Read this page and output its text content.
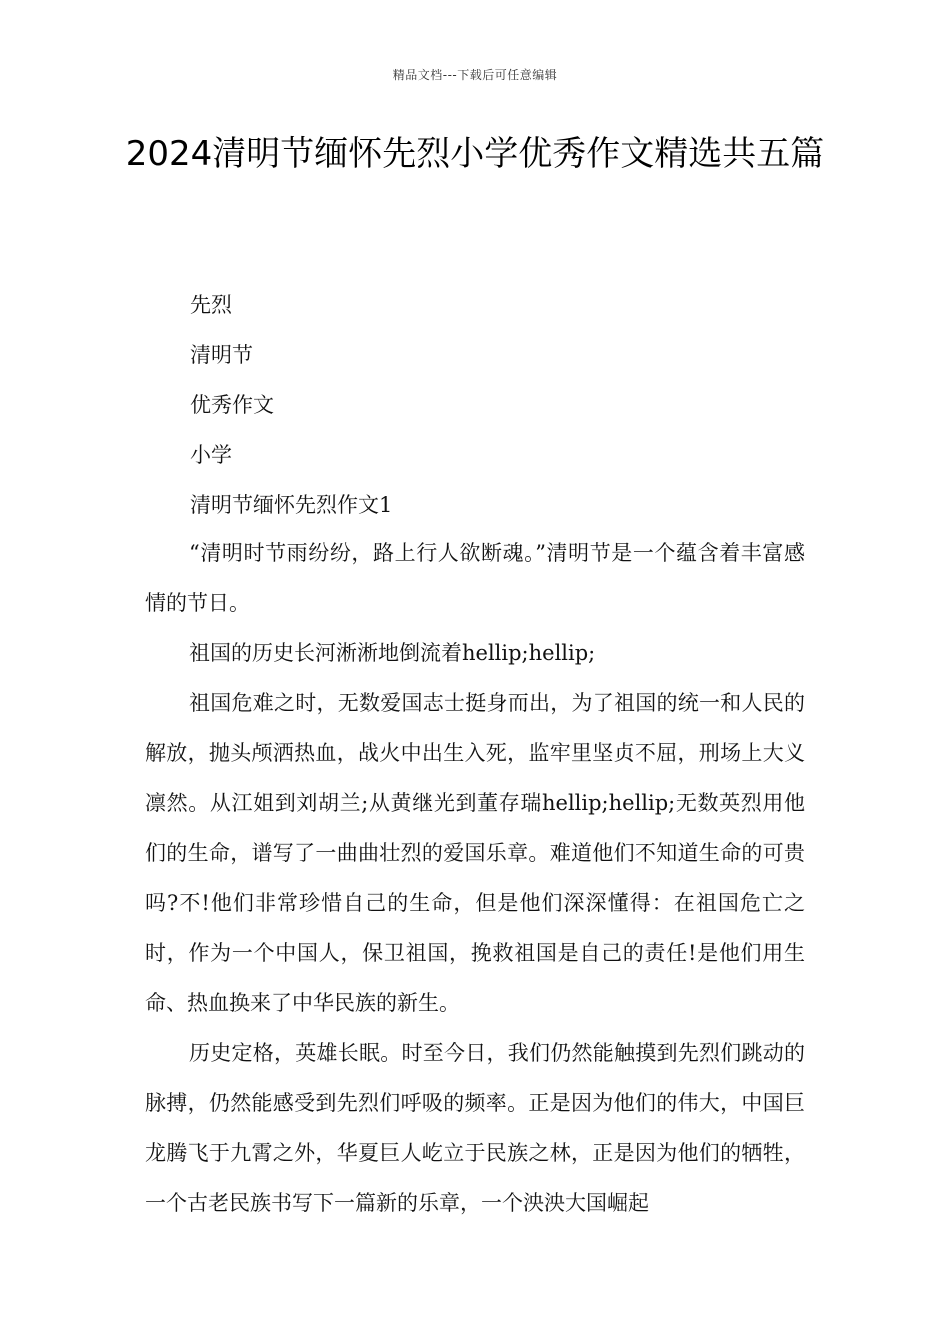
精品文档---下载后可任意编辑
2024清明节缅怀先烈小学优秀作文精选共五篇
先烈
清明节
优秀作文
小学
清明节缅怀先烈作文1

“清明时节雨纷纷，路上行人欲断魂。”清明节是一个蕴含着丰富感情的节日。

祖国的历史长河淅淅地倒流着hellip;hellip;

祖国危难之时，无数爱国志士挺身而出，为了祖国的统一和人民的解放，抛头颅洒热血，战火中出生入死，监牢里坚贞不屈，刑场上大义凛然。从江姐到刘胡兰;从黄继光到董存瑞hellip;hellip;无数英烈用他们的生命，谱写了一曲曲壮烈的爱国乐章。难道他们不知道生命的可贵吗?不!他们非常珍惜自己的生命，但是他们深深懂得：在祖国危亡之时，作为一个中国人，保卫祖国，挽救祖国是自己的责任!是他们用生命、热血换来了中华民族的新生。

历史定格，英雄长眠。时至今日，我们仍然能触摸到先烈们跳动的脉搏，仍然能感受到先烈们呼吸的频率。正是因为他们的伟大，中国巨龙腾飞于九霄之外，华夏巨人屹立于民族之林，正是因为他们的牺牲，一个古老民族书写下一篇新的乐章，一个泱泱大国崛起
